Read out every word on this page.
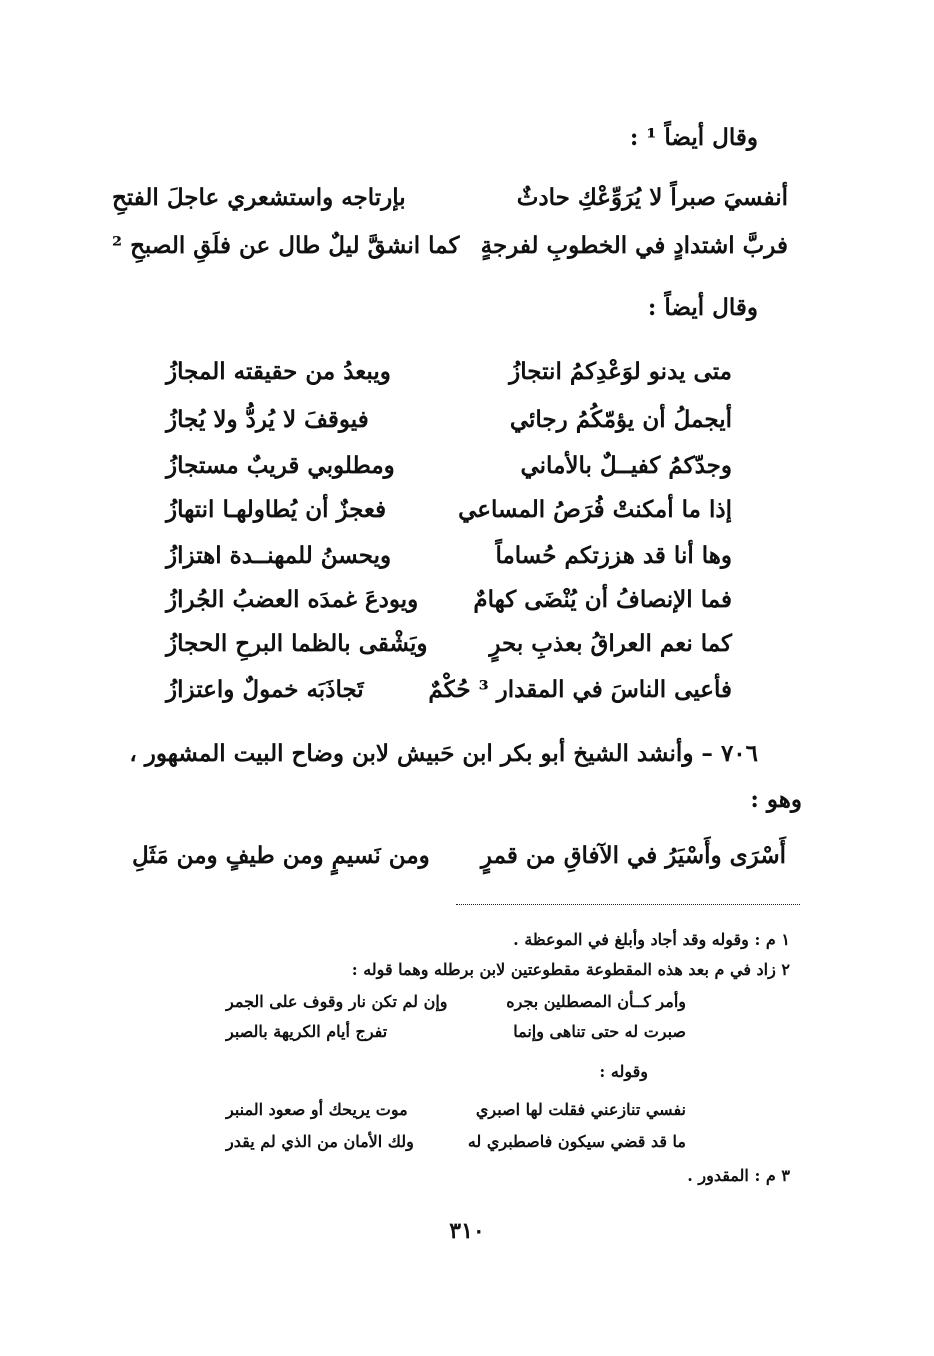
وقال أيضاً ¹ :
أنفسيَ صبراً لا يُرَوِّعْكِ حادثٌ
بإرتاجه واستشعري عاجلَ الفتحِ
فربَّ اشتدادٍ في الخطوبِ لفرجةٍ
كما انشقَّ ليلٌ طال عن فلَقِ الصبحِ ²
وقال أيضاً :
متى يدنو لوَعْدِكمُ انتجازُ
ويبعدُ من حقيقته المجازُ
أيجملُ أن يؤمّكُمُ رجائي
فيوقفَ لا يُردُّ ولا يُجازُ
وجدّكمُ كفيــلٌ بالأماني
ومطلوبي قريبٌ مستجازُ
إذا ما أمكنتْ فُرَصُ المساعي
فعجزٌ أن يُطاولهـا انتهازُ
وها أنا قد هززتكم حُساماً
ويحسنُ للمهنــدة اهتزازُ
فما الإنصافُ أن يُنْضَى كهامٌ
ويودعَ غمدَه العضبُ الجُرازُ
كما نعم العراقُ بعذبِ بحرٍ
ويَشْقى بالظما البرحِ الحجازُ
فأعيى الناسَ في المقدار ³ حُكْمٌ
تَجاذَبَه خمولٌ واعتزازُ
٧٠٦ – وأنشد الشيخ أبو بكر ابن حَبيش لابن وضاح البيت المشهور ،
وهو :
أَسْرَى وأَسْيَرُ في الآفاقِ من قمرٍ
ومن نَسيمٍ ومن طيفٍ ومن مَثَلِ
١ م : وقوله وقد أجاد وأبلغ في الموعظة .
٢ زاد في م بعد هذه المقطوعة مقطوعتين لابن برطله وهما قوله :
وأمر كــأن المصطلين بجره
وإن لم تكن نار وقوف على الجمر
صبرت له حتى تناهى وإنما
تفرج أيام الكريهة بالصبر
وقوله :
نفسي تنازعني فقلت لها اصبري
موت يريحك أو صعود المنبر
ما قد قضي سيكون فاصطبري له
ولك الأمان من الذي لم يقدر
٣ م : المقدور .
٣١٠
